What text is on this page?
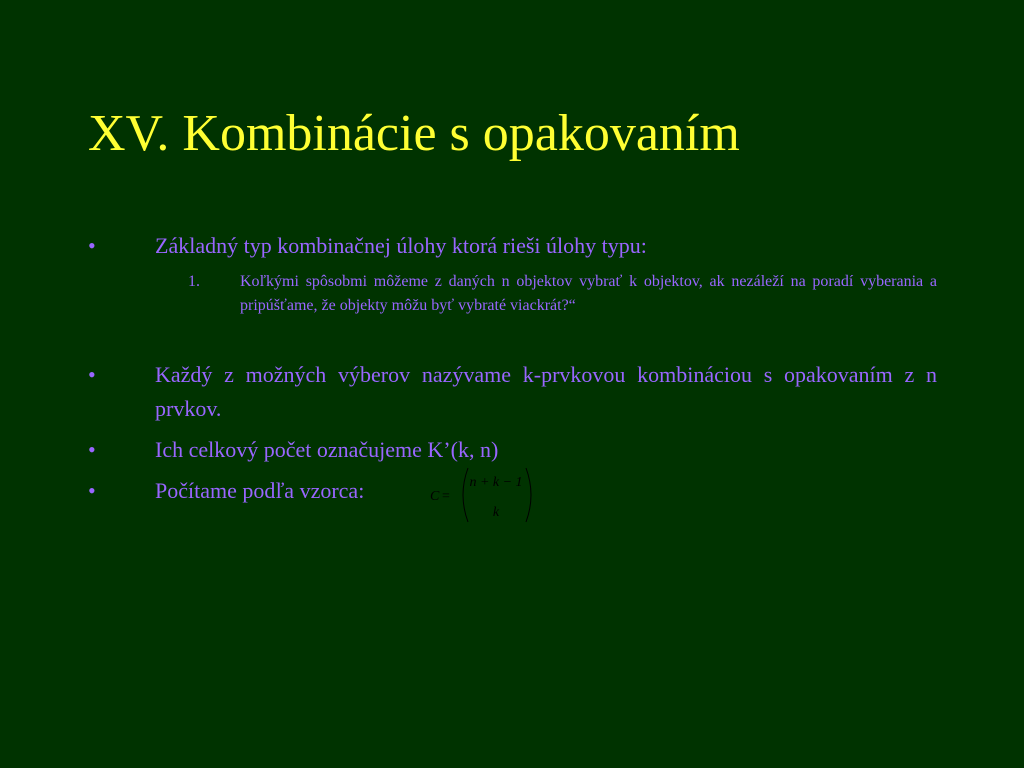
XV. Kombinácie s opakovaním
•	Základný typ kombinačnej úlohy ktorá rieši úlohy typu:
1.	Koľkými spôsobmi môžeme z daných n objektov vybrať k objektov, ak nezáleží na poradí vyberania a pripúšťame, že objekty môžu byť vybraté viackrát?“
•	Každý z možných výberov nazývame k-prvkovou kombináciou s opakovaním z n prvkov.
•	Ich celkový počet označujeme K’(k, n)
•	Počítame podľa vzorca:	C =
n + k − 1
k
